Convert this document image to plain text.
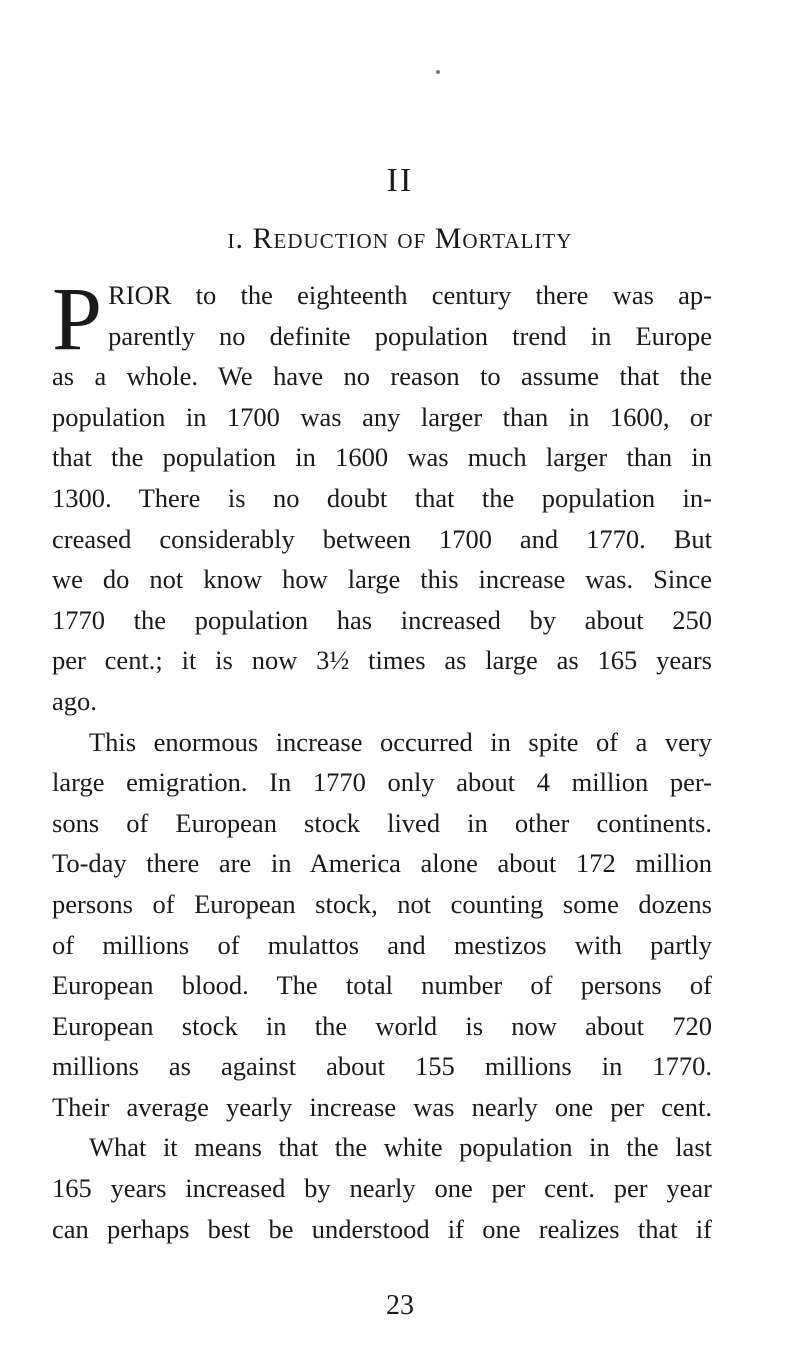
II
i. Reduction of Mortality
P RIOR to the eighteenth century there was ap-
parently no definite population trend in Europe
as a whole. We have no reason to assume that the
population in 1700 was any larger than in 1600, or
that the population in 1600 was much larger than in
1300. There is no doubt that the population in-
creased considerably between 1700 and 1770. But
we do not know how large this increase was. Since
1770 the population has increased by about 250
per cent.; it is now 3½ times as large as 165 years
ago.
This enormous increase occurred in spite of a very
large emigration. In 1770 only about 4 million per-
sons of European stock lived in other continents.
To-day there are in America alone about 172 million
persons of European stock, not counting some dozens
of millions of mulattos and mestizos with partly
European blood. The total number of persons of
European stock in the world is now about 720
millions as against about 155 millions in 1770.
Their average yearly increase was nearly one per cent.
What it means that the white population in the last
165 years increased by nearly one per cent. per year
can perhaps best be understood if one realizes that if
23
